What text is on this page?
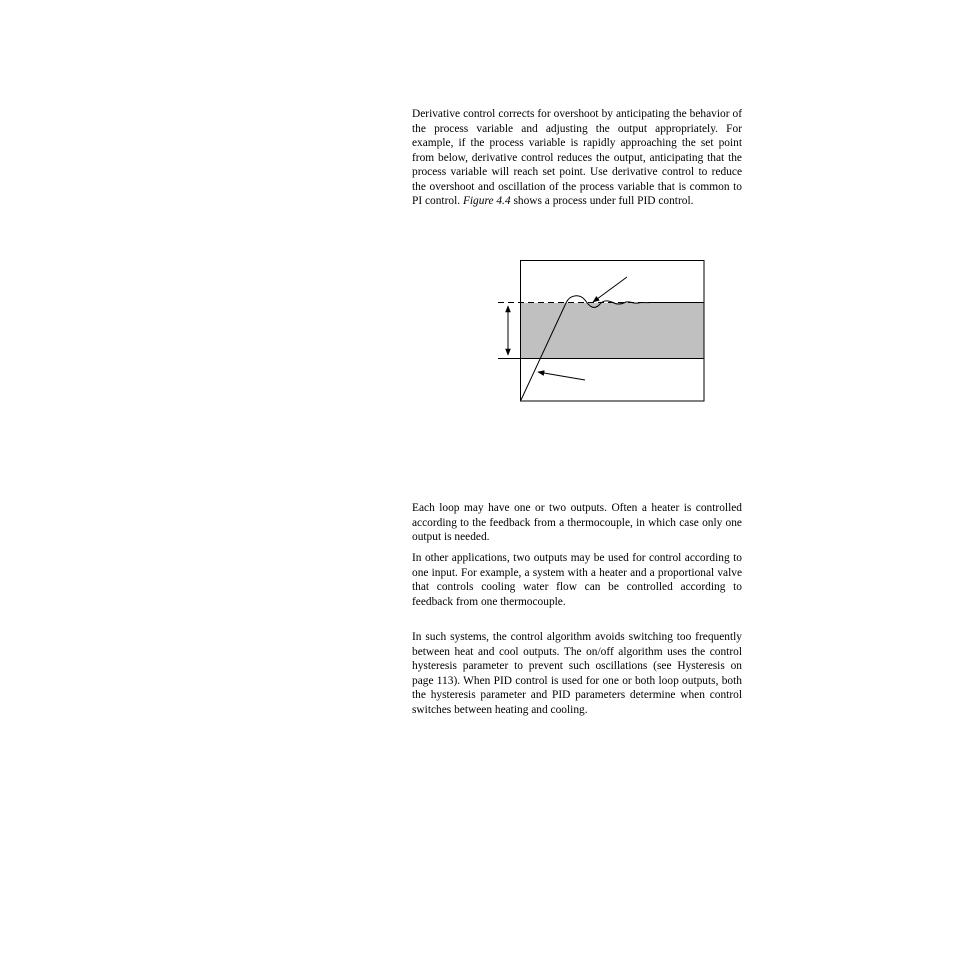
Derivative control corrects for overshoot by anticipating the behavior of the process variable and adjusting the output appropriately. For example, if the process variable is rapidly approaching the set point from below, derivative control reduces the output, anticipating that the process variable will reach set point. Use derivative control to reduce the overshoot and oscillation of the process variable that is common to PI control. Figure 4.4 shows a process under full PID control.

Each loop may have one or two outputs. Often a heater is controlled according to the feedback from a thermocouple, in which case only one output is needed.

In other applications, two outputs may be used for control according to one input. For example, a system with a heater and a proportional valve that controls cooling water flow can be controlled according to feedback from one thermocouple.

In such systems, the control algorithm avoids switching too frequently between heat and cool outputs. The on/off algorithm uses the control hysteresis parameter to prevent such oscillations (see Hysteresis on page 113). When PID control is used for one or both loop outputs, both the hysteresis parameter and PID parameters determine when control switches between heating and cooling.
